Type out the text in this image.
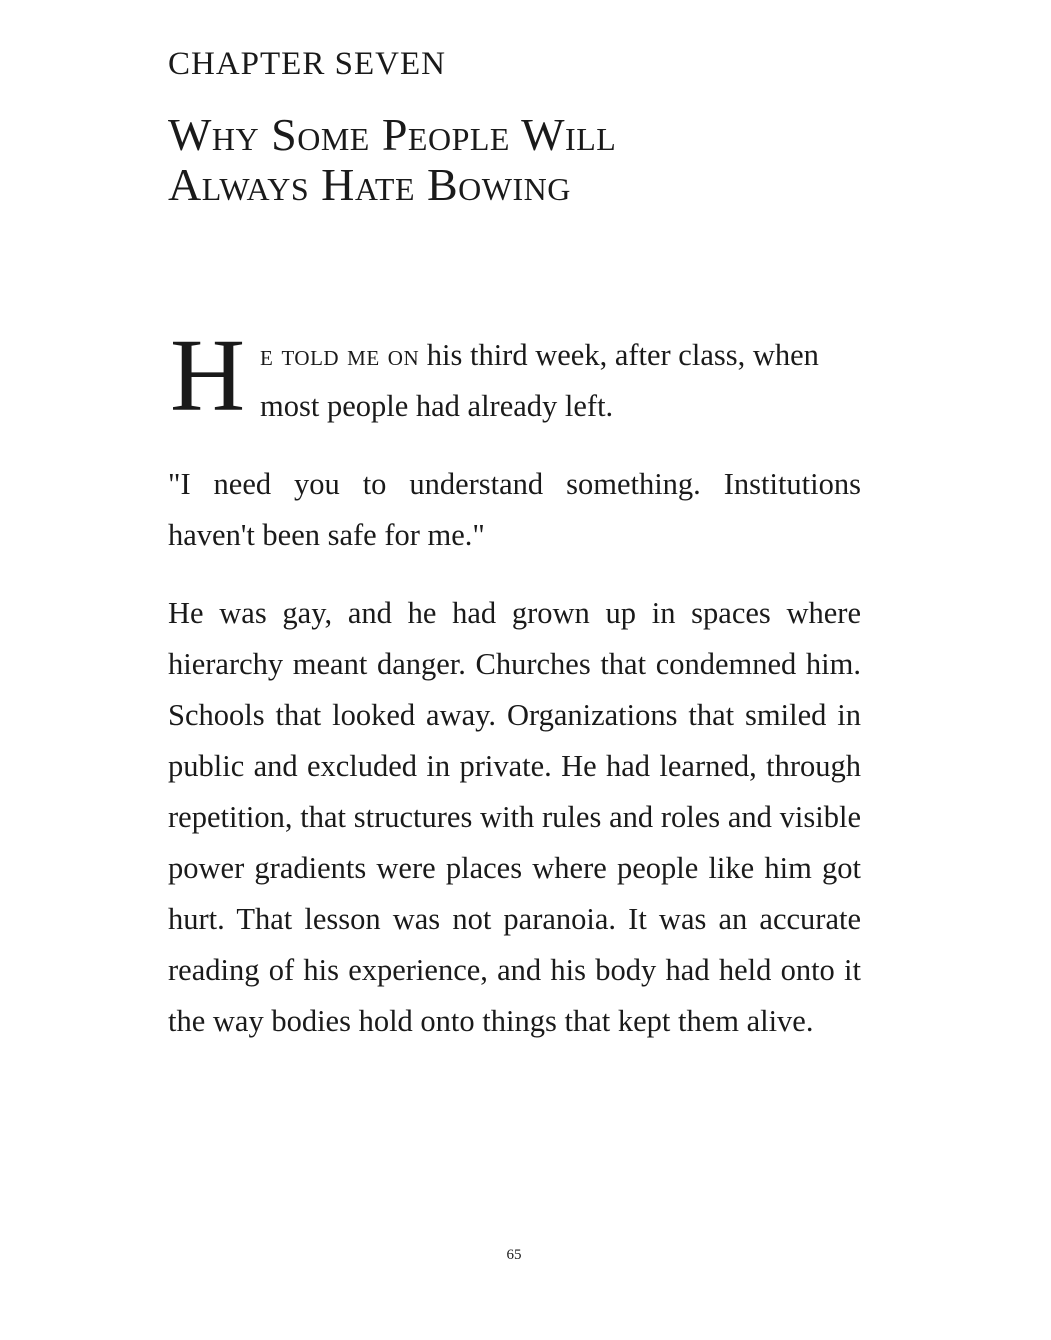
CHAPTER SEVEN
Why Some People Will
Always Hate Bowing

H e told me on his third week, after class, when most people had already left.

"I need you to understand something. Institutions haven't been safe for me."

He was gay, and he had grown up in spaces where hierarchy meant danger. Churches that condemned him. Schools that looked away. Organizations that smiled in public and excluded in private. He had learned, through repetition, that structures with rules and roles and visible power gradients were places where people like him got hurt. That lesson was not paranoia. It was an accurate reading of his experience, and his body had held onto it the way bodies hold onto things that kept them alive.

65
